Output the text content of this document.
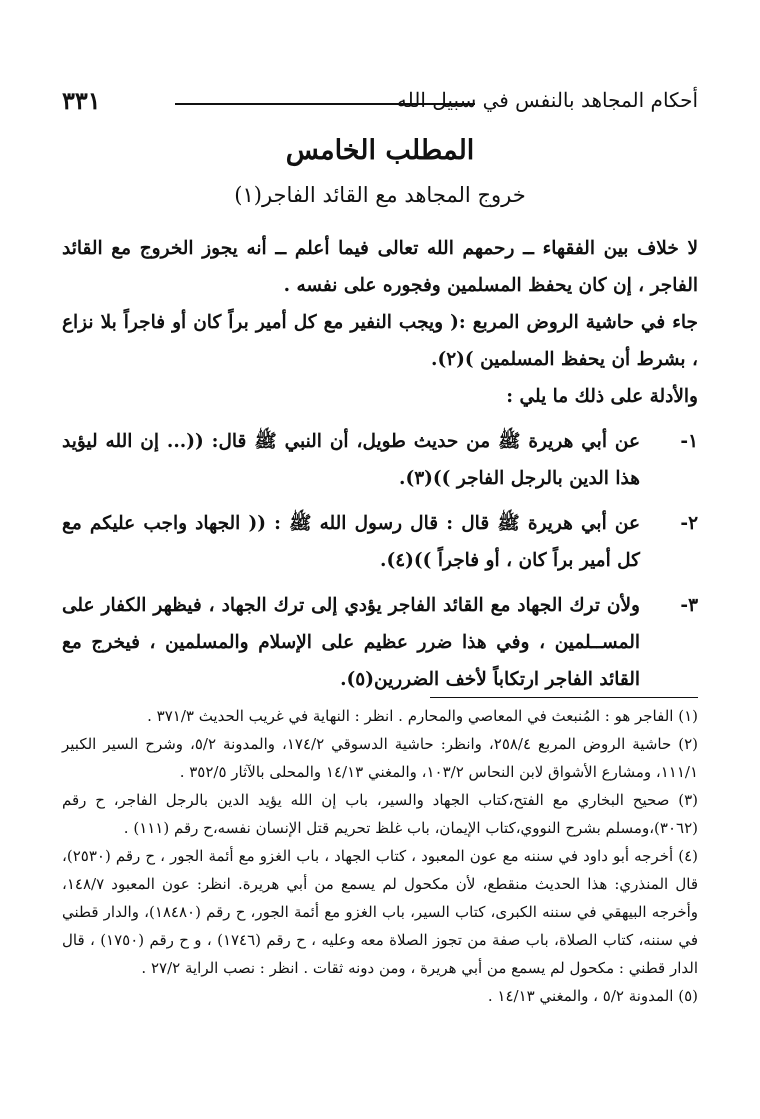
٣٣١	أحكام المجاهد بالنفس في سبيل الله
المطلب الخامس
خروج المجاهد مع القائد الفاجر(١)

لا خلاف بين الفقهاء ــ رحمهم الله تعالى فيما أعلم ــ أنه يجوز الخروج مع القائد الفاجر ، إن كان يحفظ المسلمين وفجوره على نفسه .

جاء في حاشية الروض المربع :( ويجب النفير مع كل أمير براً كان أو فاجراً بلا نزاع ، بشرط أن يحفظ المسلمين )(٢).

والأدلة على ذلك ما يلي :

١-
عن أبي هريرة ﷺ من حديث طويل، أن النبي ﷺ قال: ((... إن الله ليؤيد هذا الدين بالرجل الفاجر ))(٣).
٢-
عن أبي هريرة ﷺ قال : قال رسول الله ﷺ : (( الجهاد واجب عليكم مع كل أمير براً كان ، أو فاجراً ))(٤).
٣-
ولأن ترك الجهاد مع القائد الفاجر يؤدي إلى ترك الجهاد ، فيظهر الكفار على المســلمين ، وفي هذا ضرر عظيم على الإسلام والمسلمين ، فيخرج مع القائد الفاجر ارتكاباً لأخف الضررين(٥).

(١) الفاجر هو : المُنبعث في المعاصي والمحارم . انظر : النهاية في غريب الحديث ٣٧١/٣ .

(٢) حاشية الروض المربع ٢٥٨/٤، وانظر: حاشية الدسوقي ١٧٤/٢، والمدونة ٥/٢، وشرح السير الكبير ١١١/١، ومشارع الأشواق لابن النحاس ١٠٣/٢، والمغني ١٤/١٣ والمحلى بالآثار ٣٥٢/٥ .

(٣) صحيح البخاري مع الفتح،كتاب الجهاد والسير، باب إن الله يؤيد الدين بالرجل الفاجر، ح رقم (٣٠٦٢)،ومسلم بشرح النووي،كتاب الإيمان، باب غلظ تحريم قتل الإنسان نفسه،ح رقم (١١١) .

(٤) أخرجه أبو داود في سننه مع عون المعبود ، كتاب الجهاد ، باب الغزو مع أئمة الجور ، ح رقم (٢٥٣٠)، قال المنذري: هذا الحديث منقطع، لأن مكحول لم يسمع من أبي هريرة. انظر: عون المعبود ١٤٨/٧، وأخرجه البيهقي في سننه الكبرى، كتاب السير، باب الغزو مع أئمة الجور، ح رقم (١٨٤٨٠)، والدار قطني في سننه، كتاب الصلاة، باب صفة من تجوز الصلاة معه وعليه ، ح رقم (١٧٤٦) ، و ح رقم (١٧٥٠) ، قال الدار قطني : مكحول لم يسمع من أبي هريرة ، ومن دونه ثقات . انظر : نصب الراية ٢٧/٢ .

(٥) المدونة ٥/٢ ، والمغني ١٤/١٣ .
